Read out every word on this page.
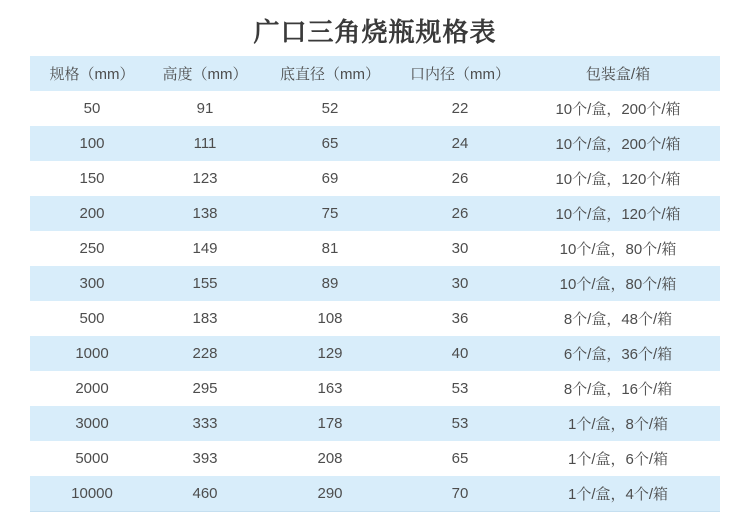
广口三角烧瓶规格表
规格（mm）	高度（mm）	底直径（mm）	口内径（mm）	包装盒/箱
50	91	52	22	10个/盒，200个/箱
100	111	65	24	10个/盒，200个/箱
150	123	69	26	10个/盒，120个/箱
200	138	75	26	10个/盒，120个/箱
250	149	81	30	10个/盒，80个/箱
300	155	89	30	10个/盒，80个/箱
500	183	108	36	8个/盒，48个/箱
1000	228	129	40	6个/盒，36个/箱
2000	295	163	53	8个/盒，16个/箱
3000	333	178	53	1个/盒，8个/箱
5000	393	208	65	1个/盒，6个/箱
10000	460	290	70	1个/盒，4个/箱
